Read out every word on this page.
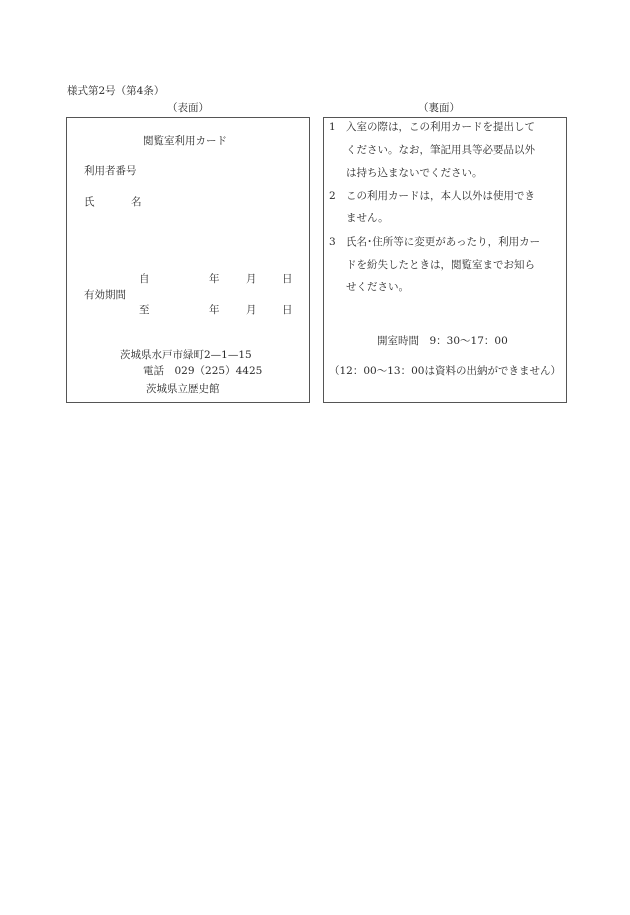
様式第2号（第4条）
（表面）	（裏面）
閲覧室利用カード
利用者番号
氏	名
自	年	月 日
有効期間
至	年	月 日
茨城県水戸市緑町2—1—15
電話　029（225）4425
茨城県立歴史館
1 入室の際は，この利用カードを提出して
ください。なお，筆記用具等必要品以外
は持ち込まないでください。
2 この利用カードは，本人以外は使用でき
ません。
3 氏名･住所等に変更があったり，利用カー
ドを紛失したときは，閲覧室までお知ら
せください。
開室時間　9：30〜17：00
（12：00〜13：00は資料の出納ができません）
